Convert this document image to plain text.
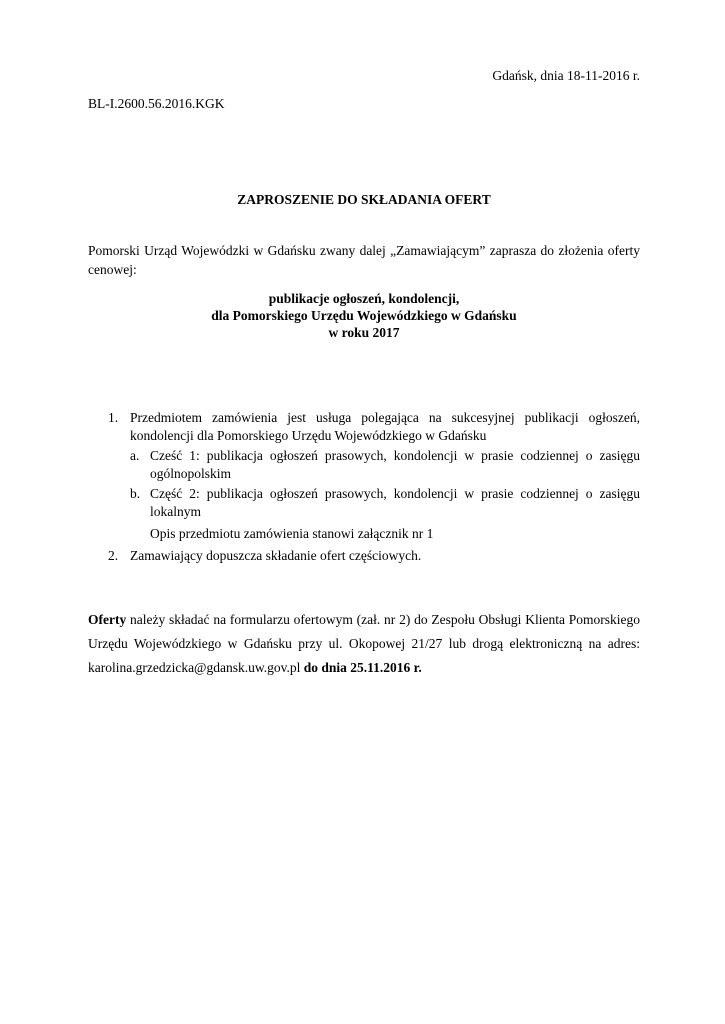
Gdańsk, dnia 18-11-2016 r.
BL-I.2600.56.2016.KGK
ZAPROSZENIE DO SKŁADANIA OFERT
Pomorski Urząd Wojewódzki w Gdańsku zwany dalej „Zamawiającym” zaprasza do złożenia oferty cenowej:
publikacje ogłoszeń, kondolencji,
dla Pomorskiego Urzędu Wojewódzkiego w Gdańsku
w roku 2017
1. Przedmiotem zamówienia jest usługa polegająca na sukcesyjnej publikacji ogłoszeń, kondolencji dla Pomorskiego Urzędu Wojewódzkiego w Gdańsku
a. Cześć 1: publikacja ogłoszeń prasowych, kondolencji w prasie codziennej o zasięgu ogólnopolskim
b. Część 2: publikacja ogłoszeń prasowych, kondolencji w prasie codziennej o zasięgu lokalnym
Opis przedmiotu zamówienia stanowi załącznik nr 1
2. Zamawiający dopuszcza składanie ofert częściowych.
Oferty należy składać na formularzu ofertowym (zał. nr 2) do Zespołu Obsługi Klienta Pomorskiego Urzędu Wojewódzkiego w Gdańsku przy ul. Okopowej 21/27 lub drogą elektroniczną na adres: karolina.grzedzicka@gdansk.uw.gov.pl do dnia 25.11.2016 r.
